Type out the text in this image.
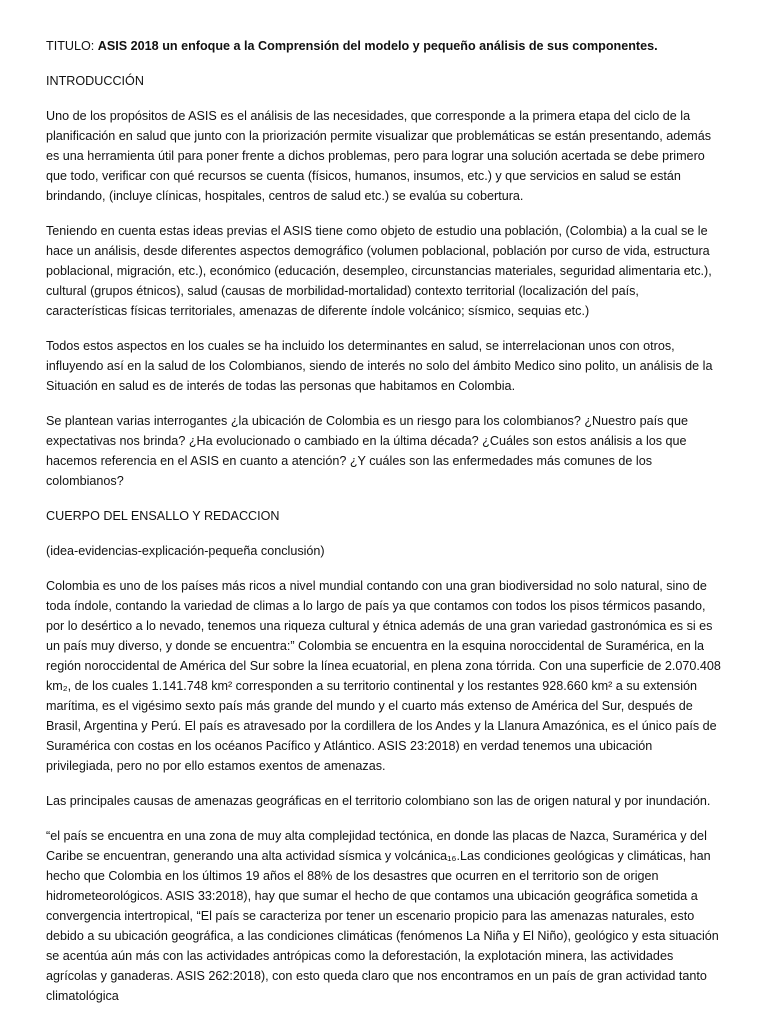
TITULO: ASIS 2018 un enfoque a la Comprensión del modelo y pequeño análisis de sus componentes.

INTRODUCCIÓN

Uno de los propósitos de ASIS es el análisis de las necesidades, que corresponde a la primera etapa del ciclo de la planificación en salud que junto con la priorización permite visualizar que problemáticas se están presentando, además es una herramienta útil para poner frente a dichos problemas, pero para lograr una solución acertada se debe primero que todo, verificar con qué recursos se cuenta (físicos, humanos, insumos, etc.) y que servicios en salud se están brindando, (incluye clínicas, hospitales, centros de salud etc.) se evalúa su cobertura.

Teniendo en cuenta estas ideas previas el ASIS tiene como objeto de estudio una población, (Colombia) a la cual se le hace un análisis, desde diferentes aspectos demográfico (volumen poblacional, población por curso de vida, estructura poblacional, migración, etc.), económico (educación, desempleo, circunstancias materiales, seguridad alimentaria etc.), cultural (grupos étnicos), salud (causas de morbilidad-mortalidad) contexto territorial (localización del país, características físicas territoriales, amenazas de diferente índole volcánico; sísmico, sequias etc.)

Todos estos aspectos en los cuales se ha incluido los determinantes en salud, se interrelacionan unos con otros, influyendo así en la salud de los Colombianos, siendo de interés no solo del ámbito Medico sino polito, un análisis de la Situación en salud es de interés de todas las personas que habitamos en Colombia.

Se plantean varias interrogantes ¿la ubicación de Colombia es un riesgo para los colombianos? ¿Nuestro país que expectativas nos brinda? ¿Ha evolucionado o cambiado en la última década? ¿Cuáles son estos análisis a los que hacemos referencia en el ASIS en cuanto a atención? ¿Y cuáles son las enfermedades más comunes de los colombianos?

CUERPO DEL ENSALLO Y REDACCION

(idea-evidencias-explicación-pequeña conclusión)

Colombia es uno de los países más ricos a nivel mundial contando con una gran biodiversidad no solo natural, sino de toda índole, contando la variedad de climas a lo largo de país ya que contamos con todos los pisos térmicos pasando, por lo desértico a lo nevado, tenemos una riqueza cultural y étnica además de una gran variedad gastronómica es si es un país muy diverso, y donde se encuentra:” Colombia se encuentra en la esquina noroccidental de Suramérica, en la región noroccidental de América del Sur sobre la línea ecuatorial, en plena zona tórrida. Con una superficie de 2.070.408 km₂, de los cuales 1.141.748 km² corresponden a su territorio continental y los restantes 928.660 km² a su extensión marítima, es el vigésimo sexto país más grande del mundo y el cuarto más extenso de América del Sur, después de Brasil, Argentina y Perú. El país es atravesado por la cordillera de los Andes y la Llanura Amazónica, es el único país de Suramérica con costas en los océanos Pacífico y Atlántico. ASIS 23:2018) en verdad tenemos una ubicación privilegiada, pero no por ello estamos exentos de amenazas.

Las principales causas de amenazas geográficas en el territorio colombiano son las de origen natural y por inundación.

“el país se encuentra en una zona de muy alta complejidad tectónica, en donde las placas de Nazca, Suramérica y del Caribe se encuentran, generando una alta actividad sísmica y volcánica₁₆.Las condiciones geológicas y climáticas, han hecho que Colombia en los últimos 19 años el 88% de los desastres que ocurren en el territorio son de origen hidrometeorológicos. ASIS 33:2018), hay que sumar el hecho de que contamos una ubicación geográfica sometida a convergencia intertropical, “El país se caracteriza por tener un escenario propicio para las amenazas naturales, esto debido a su ubicación geográfica, a las condiciones climáticas (fenómenos La Niña y El Niño), geológico y esta situación se acentúa aún más con las actividades antrópicas como la deforestación, la explotación minera, las actividades agrícolas y ganaderas. ASIS 262:2018), con esto queda claro que nos encontramos en un país de gran actividad tanto climatológica
